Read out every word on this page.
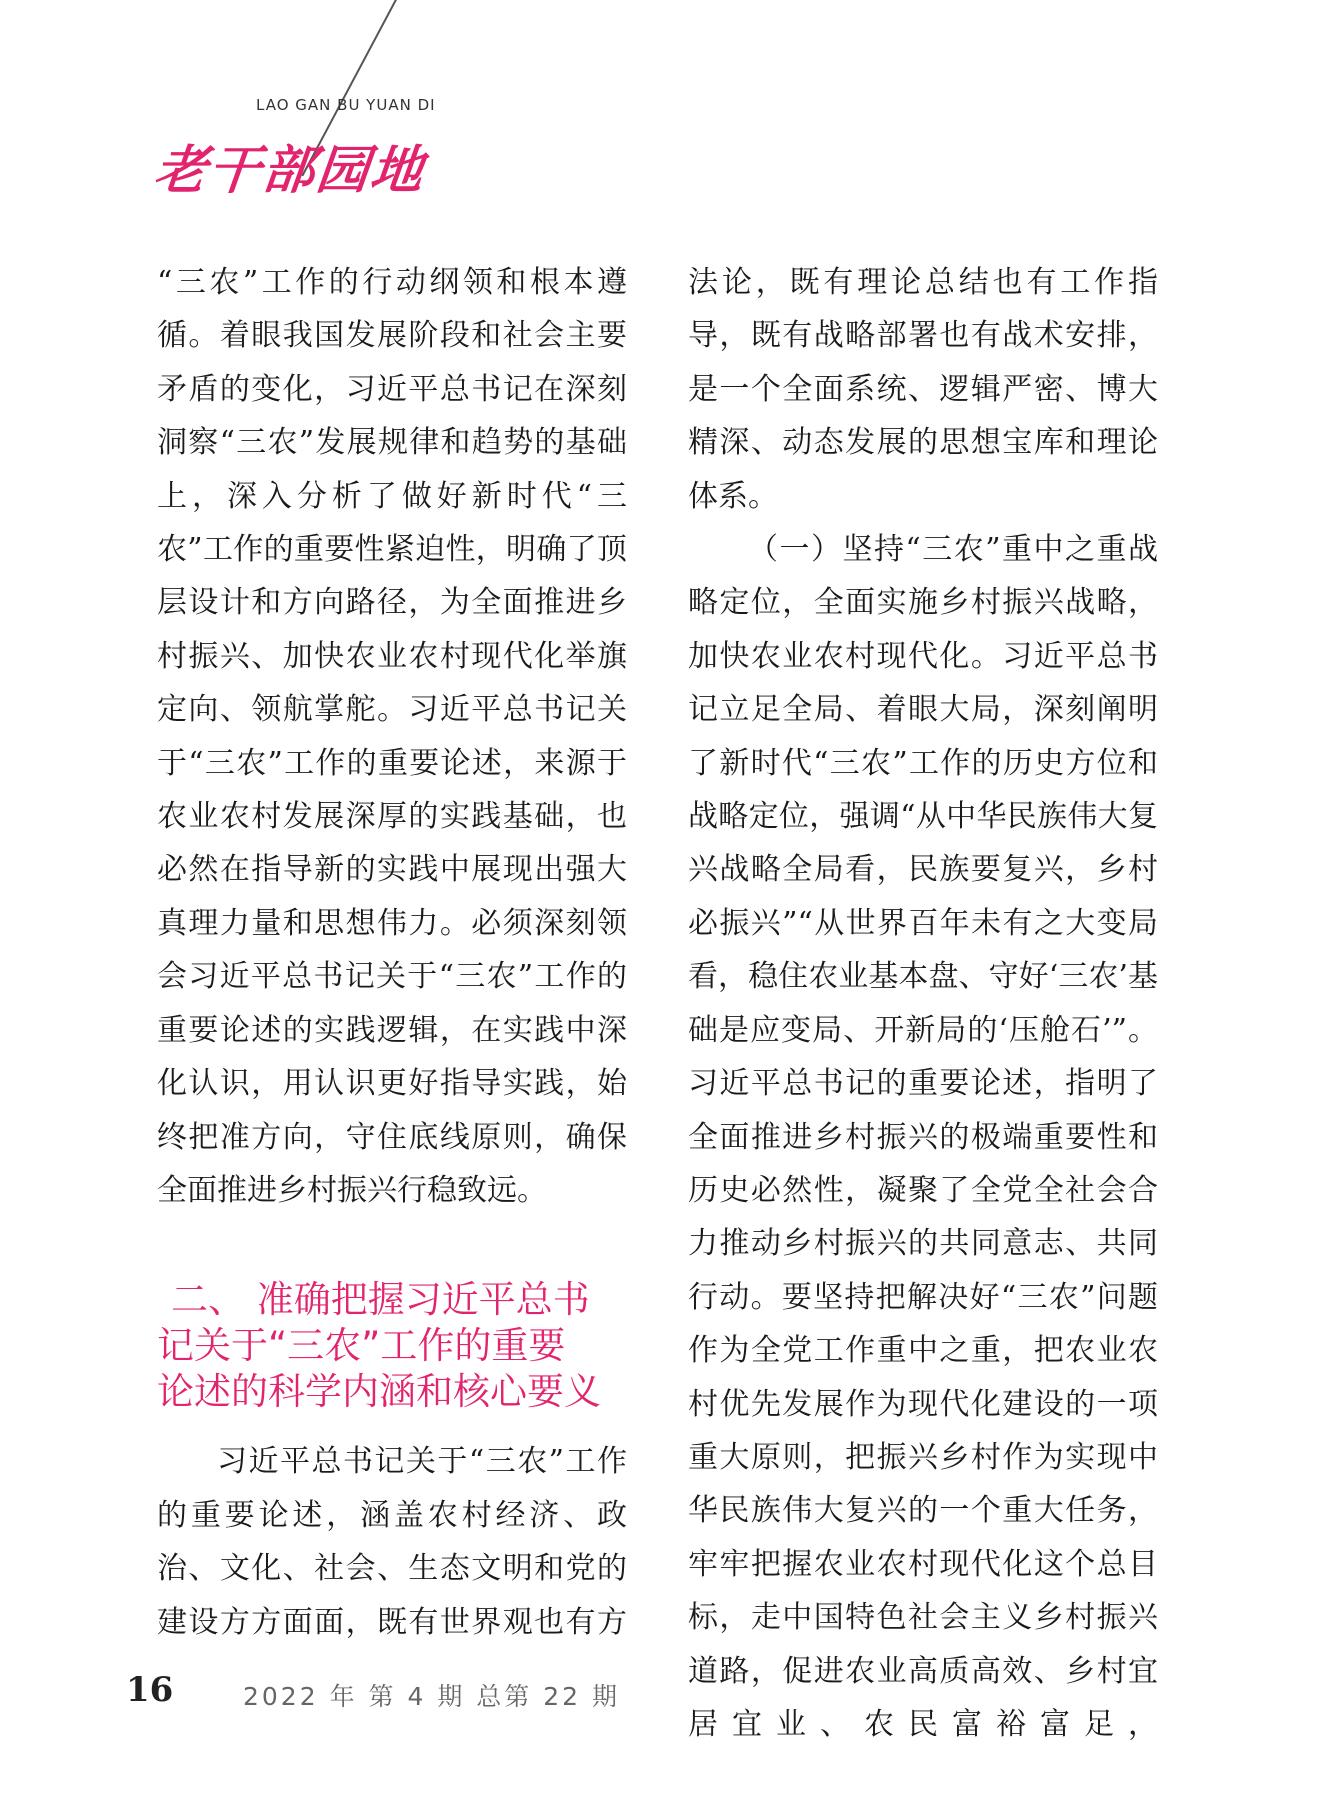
LAO GAN BU YUAN DI
老干部园地

“三农”工作的行动纲领和根本遵循。着眼我国发展阶段和社会主要矛盾的变化，习近平总书记在深刻洞察“三农”发展规律和趋势的基础上，深入分析了做好新时代“三农”工作的重要性紧迫性，明确了顶层设计和方向路径，为全面推进乡村振兴、加快农业农村现代化举旗定向、领航掌舵。习近平总书记关于“三农”工作的重要论述，来源于农业农村发展深厚的实践基础，也必然在指导新的实践中展现出强大真理力量和思想伟力。必须深刻领会习近平总书记关于“三农”工作的重要论述的实践逻辑，在实践中深化认识，用认识更好指导实践，始终把准方向，守住底线原则，确保全面推进乡村振兴行稳致远。

二、 准确把握习近平总书
记关于“三农”工作的重要
论述的科学内涵和核心要义

习近平总书记关于“三农”工作的重要论述，涵盖农村经济、政治、文化、社会、生态文明和党的建设方方面面，既有世界观也有方

法论，既有理论总结也有工作指导，既有战略部署也有战术安排，是一个全面系统、逻辑严密、博大精深、动态发展的思想宝库和理论体系。

（一）坚持“三农”重中之重战略定位，全面实施乡村振兴战略，加快农业农村现代化。习近平总书记立足全局、着眼大局，深刻阐明了新时代“三农”工作的历史方位和战略定位，强调“从中华民族伟大复兴战略全局看，民族要复兴，乡村必振兴”“从世界百年未有之大变局看，稳住农业基本盘、守好‘三农’基础是应变局、开新局的‘压舱石’”。习近平总书记的重要论述，指明了全面推进乡村振兴的极端重要性和历史必然性，凝聚了全党全社会合力推动乡村振兴的共同意志、共同行动。要坚持把解决好“三农”问题作为全党工作重中之重，把农业农村优先发展作为现代化建设的一项重大原则，把振兴乡村作为实现中华民族伟大复兴的一个重大任务，牢牢把握农业农村现代化这个总目标，走中国特色社会主义乡村振兴道路，促进农业高质高效、乡村宜居宜业、农民富裕富足，

16	2022 年 第 4 期 总第 22 期
